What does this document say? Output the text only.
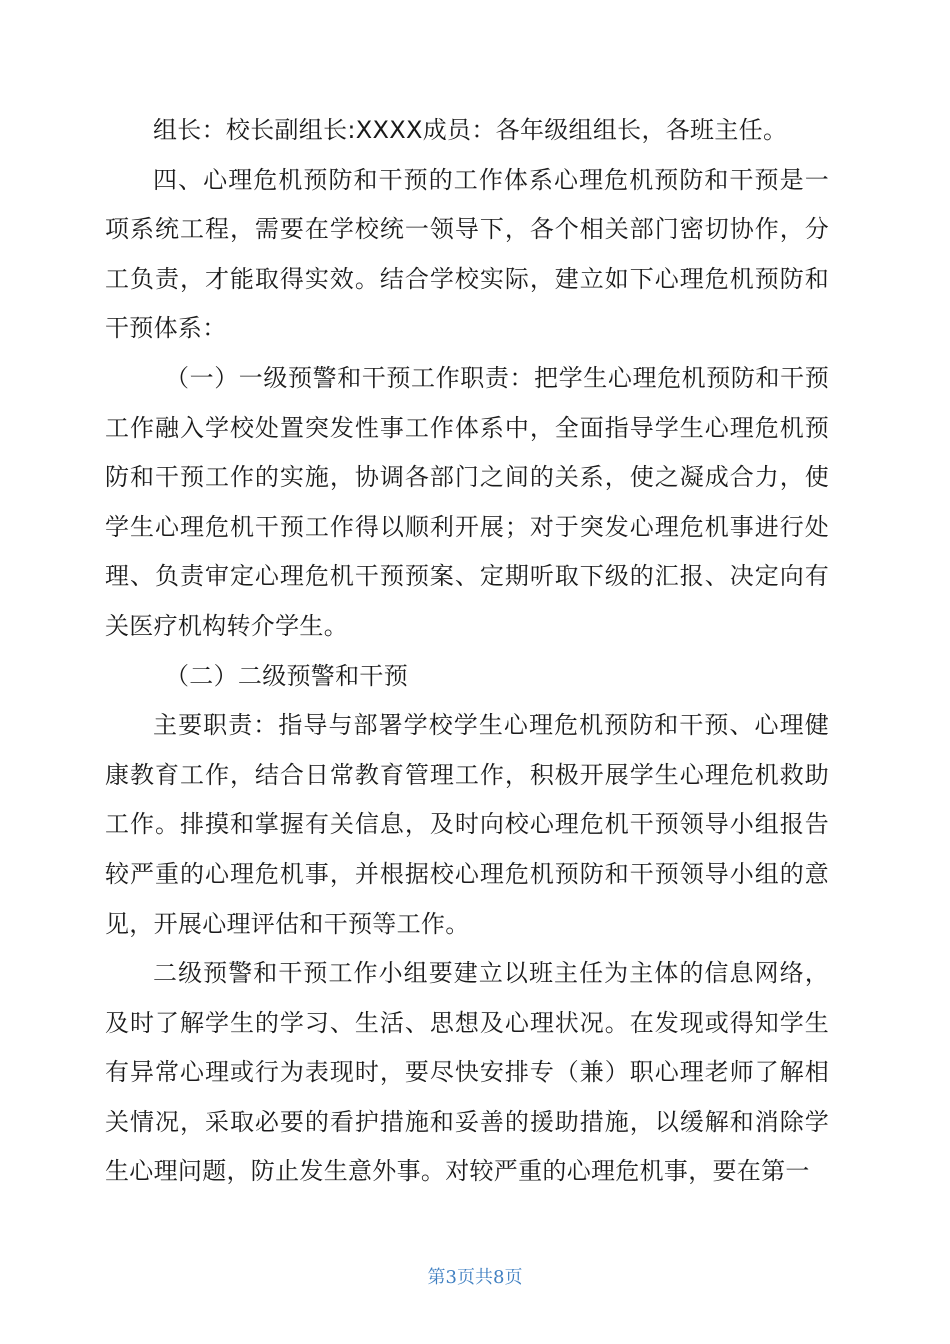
组长：校长副组长:XXXX成员：各年级组组长，各班主任。

四、心理危机预防和干预的工作体系心理危机预防和干预是一项系统工程，需要在学校统一领导下，各个相关部门密切协作，分工负责，才能取得实效。结合学校实际，建立如下心理危机预防和干预体系：

（一）一级预警和干预工作职责：把学生心理危机预防和干预工作融入学校处置突发性事工作体系中，全面指导学生心理危机预防和干预工作的实施，协调各部门之间的关系，使之凝成合力，使学生心理危机干预工作得以顺利开展；对于突发心理危机事进行处理、负责审定心理危机干预预案、定期听取下级的汇报、决定向有关医疗机构转介学生。

（二）二级预警和干预

主要职责：指导与部署学校学生心理危机预防和干预、心理健康教育工作，结合日常教育管理工作，积极开展学生心理危机救助工作。排摸和掌握有关信息，及时向校心理危机干预领导小组报告较严重的心理危机事，并根据校心理危机预防和干预领导小组的意见，开展心理评估和干预等工作。

二级预警和干预工作小组要建立以班主任为主体的信息网络，及时了解学生的学习、生活、思想及心理状况。在发现或得知学生有异常心理或行为表现时，要尽快安排专（兼）职心理老师了解相关情况，采取必要的看护措施和妥善的援助措施，以缓解和消除学生心理问题，防止发生意外事。对较严重的心理危机事，要在第一

第3页共8页
